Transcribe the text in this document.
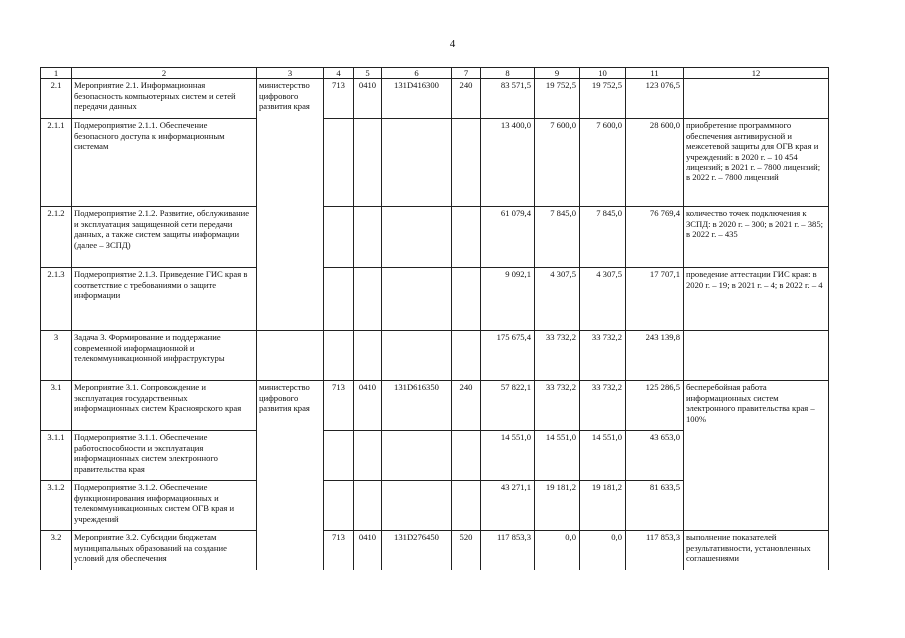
4
1	2	3	4	5	6	7	8	9	10	11	12
2.1	Мероприятие 2.1. Информационная безопасность компьютерных систем и сетей передачи данных	министерство цифрового развития края	713	0410	131D416300	240	83 571,5	19 752,5	19 752,5	123 076,5	
2.1.1	Подмероприятие 2.1.1. Обеспечение безопасного доступа к информационным системам						13 400,0	7 600,0	7 600,0	28 600,0	приобретение программного обеспечения антивирусной и межсетевой защиты для ОГВ края и учреждений: в 2020 г. – 10 454 лицензий; в 2021 г. – 7800 лицензий; в 2022 г. – 7800 лицензий
2.1.2	Подмероприятие 2.1.2. Развитие, обслуживание и эксплуатация защищенной сети передачи данных, а также систем защиты информации (далее – ЗСПД)						61 079,4	7 845,0	7 845,0	76 769,4	количество точек подключения к ЗСПД: в 2020 г. – 300; в 2021 г. – 385; в 2022 г. – 435
2.1.3	Подмероприятие 2.1.3. Приведение ГИС края в соответствие с требованиями о защите информации						9 092,1	4 307,5	4 307,5	17 707,1	проведение аттестации ГИС края: в 2020 г. – 19; в 2021 г. – 4; в 2022 г. – 4
3	Задача 3. Формирование и поддержание современной информационной и телекоммуникационной инфраструктуры						175 675,4	33 732,2	33 732,2	243 139,8	
3.1	Мероприятие 3.1. Сопровождение и эксплуатация государственных информационных систем Красноярского края	министерство цифрового развития края	713	0410	131D616350	240	57 822,1	33 732,2	33 732,2	125 286,5	бесперебойная работа информационных систем электронного правительства края – 100%
3.1.1	Подмероприятие 3.1.1. Обеспечение работоспособности и эксплуатация информационных систем электронного правительства края						14 551,0	14 551,0	14 551,0	43 653,0	
3.1.2	Подмероприятие 3.1.2. Обеспечение функционирования информационных и телекоммуникационных систем ОГВ края и учреждений						43 271,1	19 181,2	19 181,2	81 633,5	
3.2	Мероприятие 3.2. Субсидии бюджетам муниципальных образований на создание условий для обеспечения		713	0410	131D276450	520	117 853,3	0,0	0,0	117 853,3	выполнение показателей результативности, установленных соглашениями
